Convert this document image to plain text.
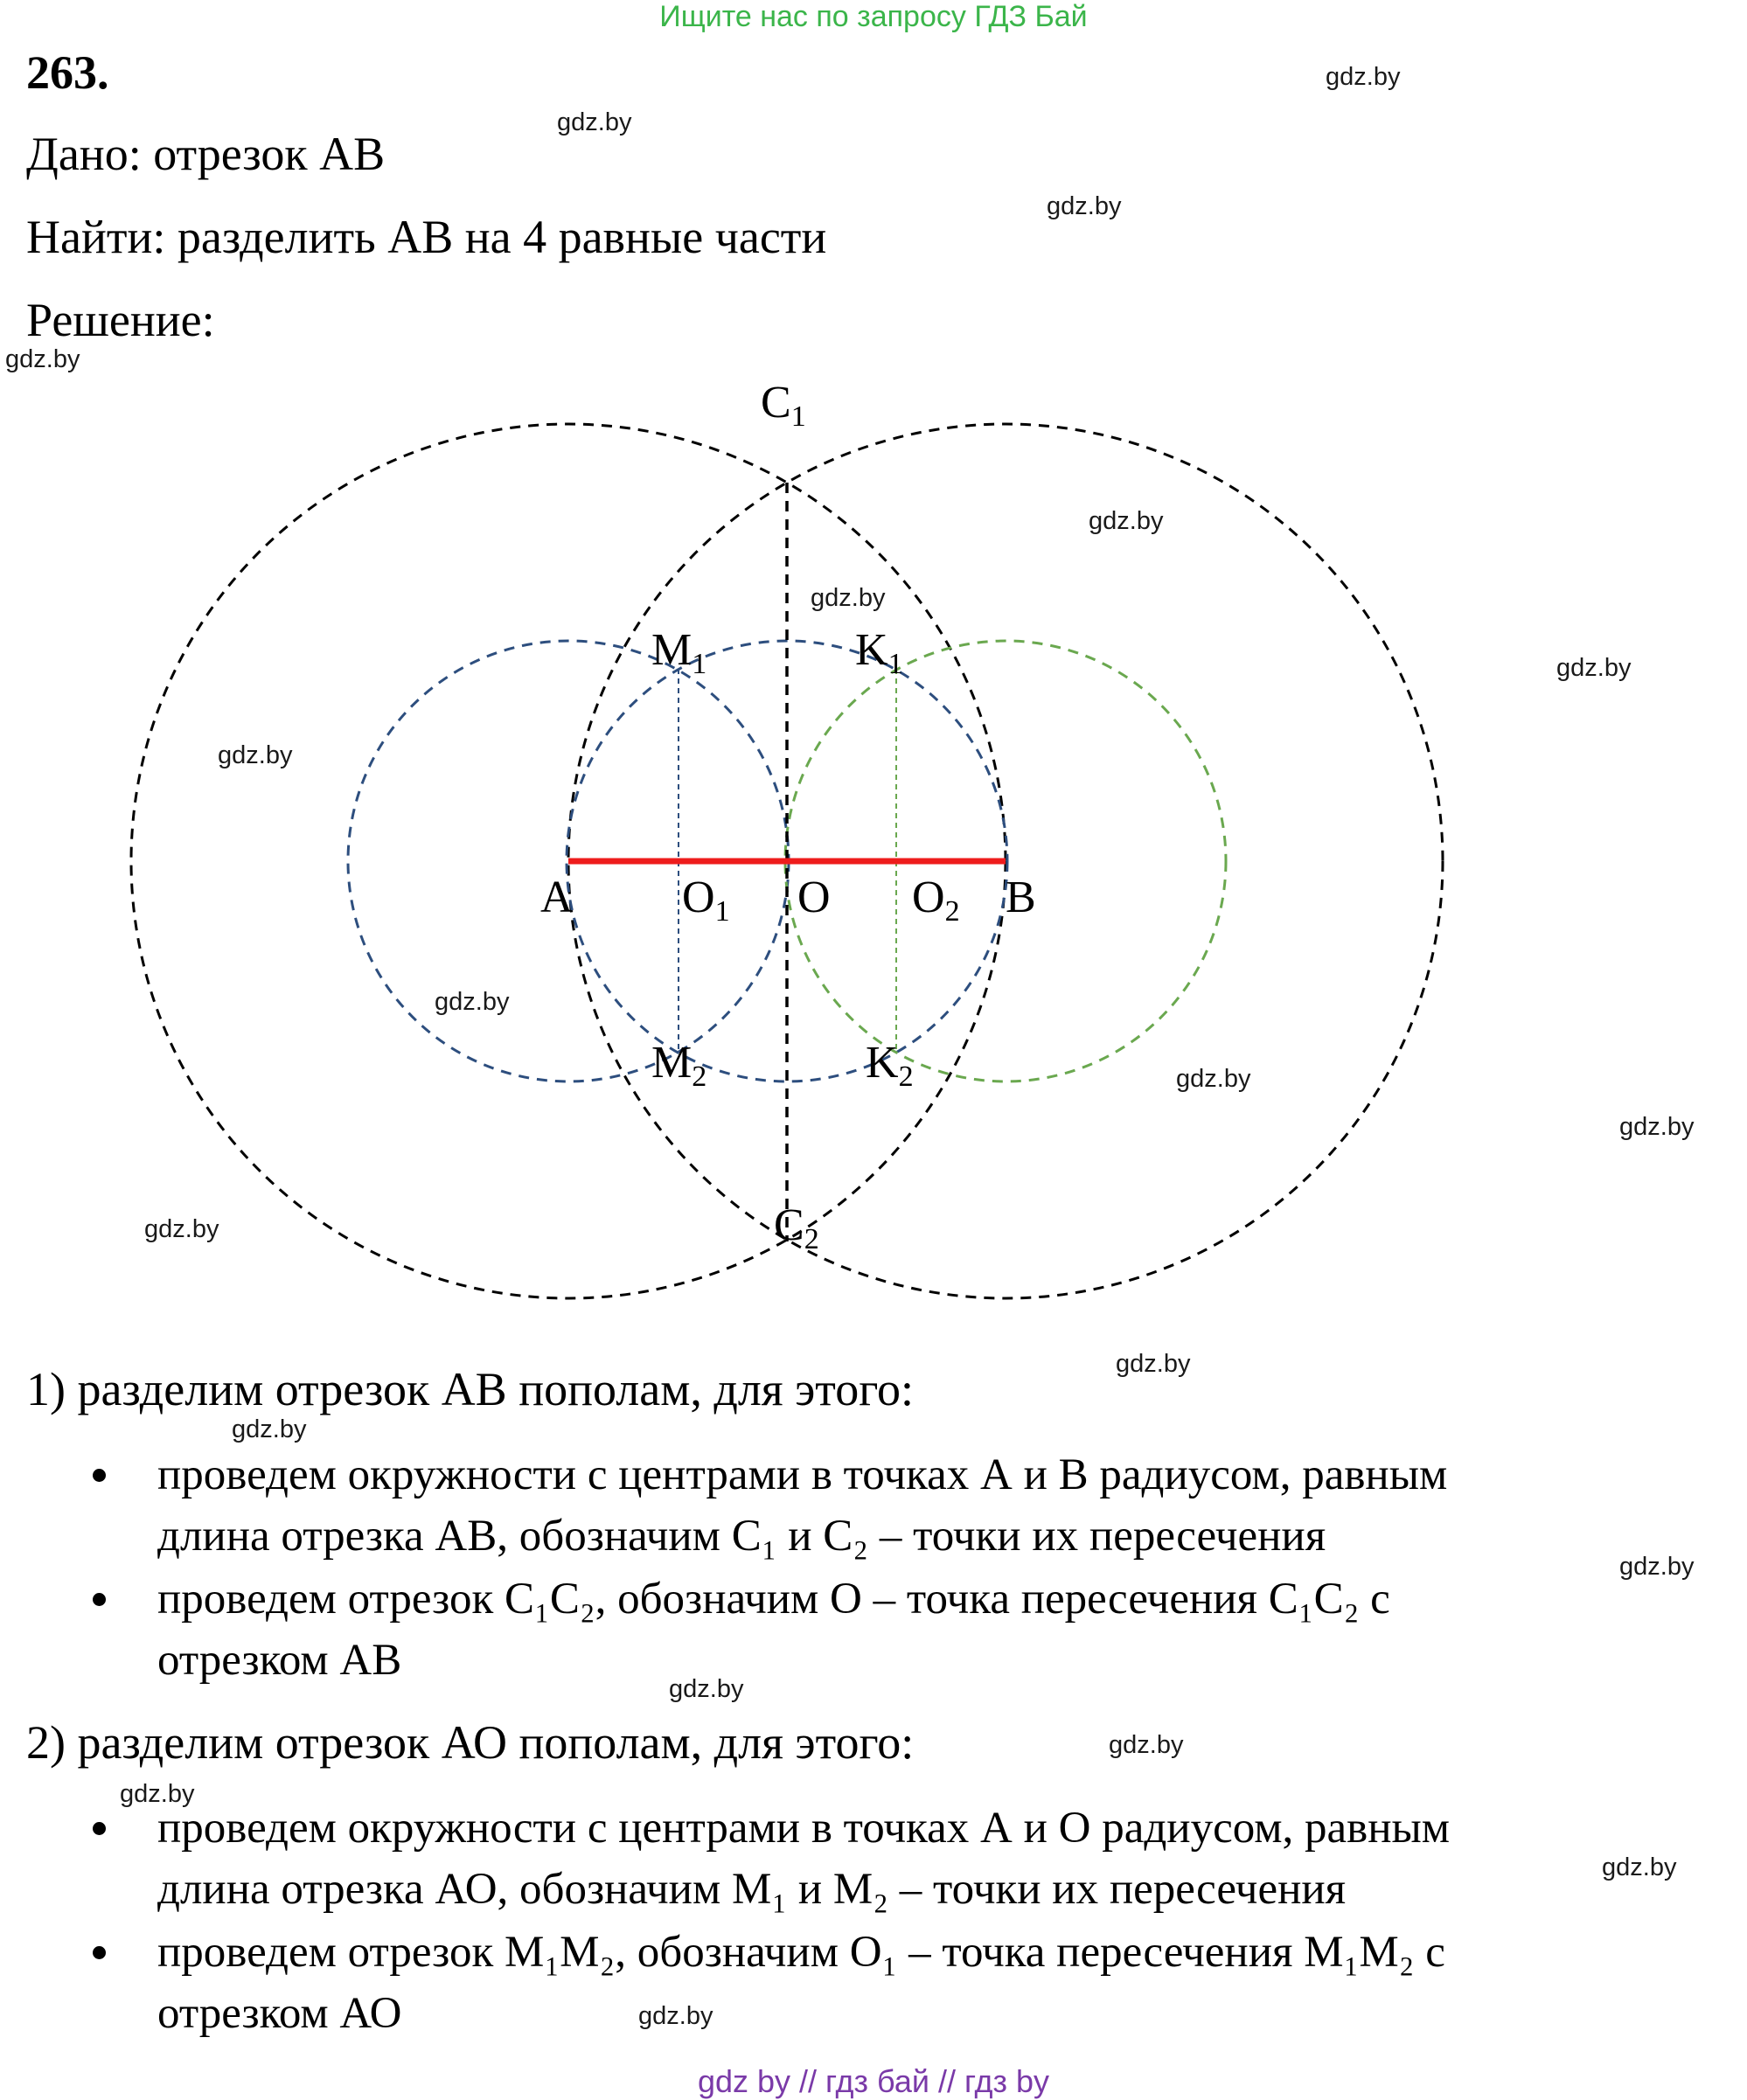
Ищите нас по запросу ГДЗ Бай
263.
Дано: отрезок АВ
Найти: разделить АВ на 4 равные части
Решение:
C1
C2
M1
M2
K1
K2
A	B
O
O1	O2
1) разделим отрезок АВ пополам, для этого:
проведем окружности с центрами в точках А и В радиусом, равным
длина отрезка АВ, обозначим C₁ и C₂ – точки их пересечения
проведем отрезок C₁C₂, обозначим О – точка пересечения C₁C₂ с
отрезком АВ
2) разделим отрезок АО пополам, для этого:
проведем окружности с центрами в точках А и О радиусом, равным
длина отрезка АО, обозначим M₁ и M₂ – точки их пересечения
проведем отрезок M₁M₂, обозначим O₁ – точка пересечения M₁M₂ с
отрезком АО
gdz.by
gdz.by
gdz.by
gdz.by
gdz.by
gdz.by
gdz.by
gdz.by
gdz.by
gdz.by
gdz.by
gdz.by
gdz.by
gdz.by
gdz.by
gdz.by
gdz.by
gdz.by
gdz.by
gdz.by
gdz by // гдз бай // гдз by
